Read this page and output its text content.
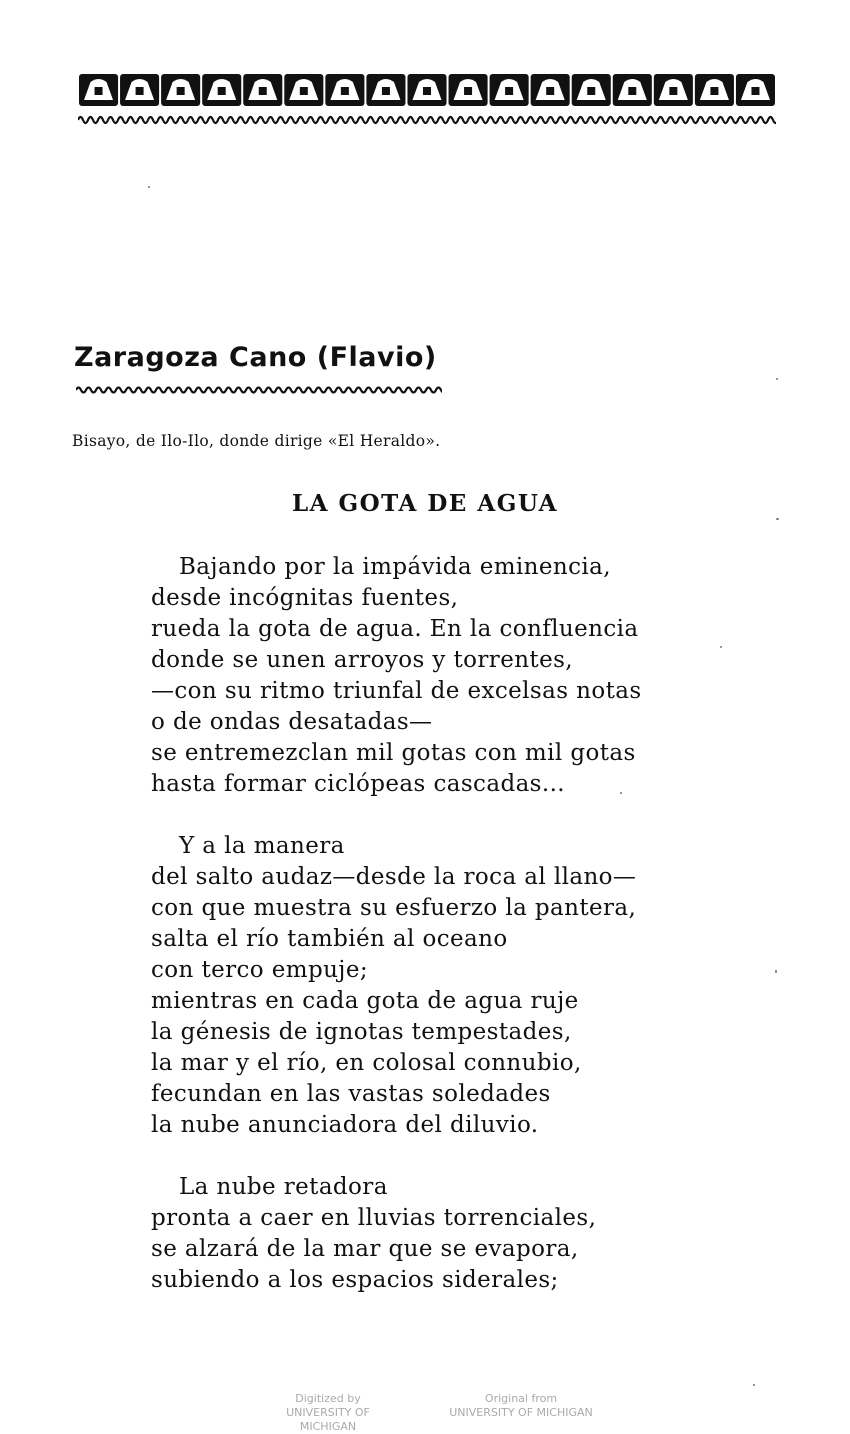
Zaragoza Cano (Flavio)
Bisayo, de Ilo-Ilo, donde dirige «El Heraldo».
LA GOTA DE AGUA
Bajando por la impávida eminencia,
desde incógnitas fuentes,
rueda la gota de agua. En la confluencia
donde se unen arroyos y torrentes,
—con su ritmo triunfal de excelsas notas
o de ondas desatadas—
se entremezclan mil gotas con mil gotas
hasta formar ciclópeas cascadas...
Y a la manera
del salto audaz—desde la roca al llano—
con que muestra su esfuerzo la pantera,
salta el río también al oceano
con terco empuje;
mientras en cada gota de agua ruje
la génesis de ignotas tempestades,
la mar y el río, en colosal connubio,
fecundan en las vastas soledades
la nube anunciadora del diluvio.
La nube retadora
pronta a caer en lluvias torrenciales,
se alzará de la mar que se evapora,
subiendo a los espacios siderales;
Digitized by
UNIVERSITY OF MICHIGAN
Original from
UNIVERSITY OF MICHIGAN
